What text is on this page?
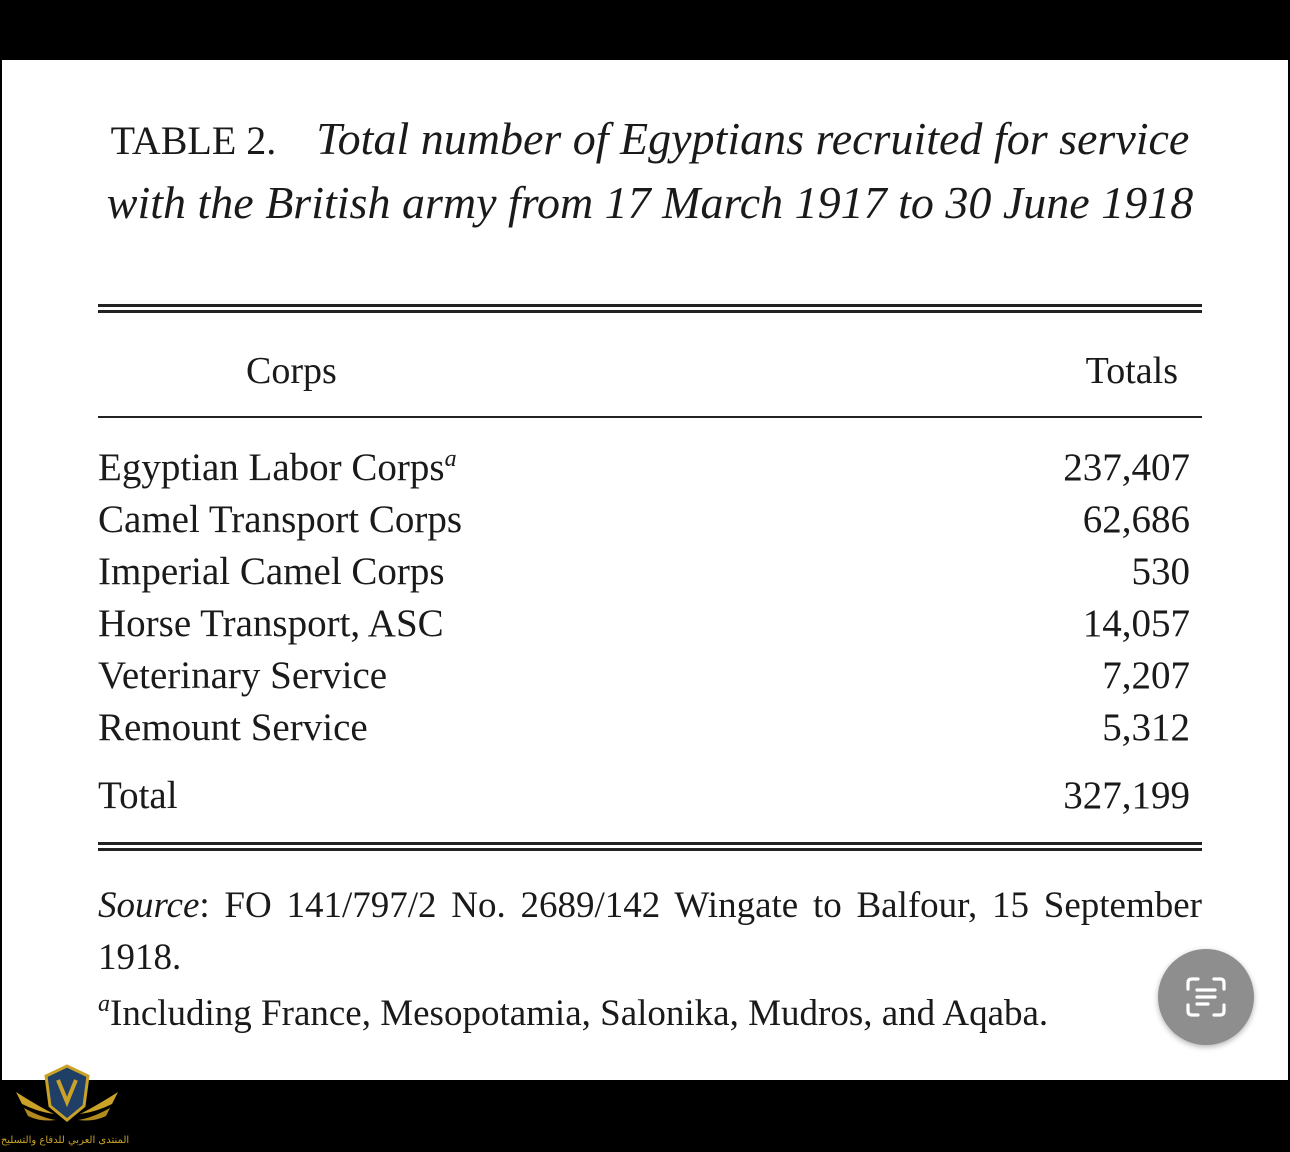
TABLE 2. Total number of Egyptians recruited for service with the British army from 17 March 1917 to 30 June 1918
Corps	Totals
Egyptian Labor Corps$^a$	237,407
Camel Transport Corps	62,686
Imperial Camel Corps	530
Horse Transport, ASC	14,057
Veterinary Service	7,207
Remount Service	5,312
Total	327,199
Source: FO 141/797/2 No. 2689/142 Wingate to Balfour, 15 September 1918.
$^a$Including France, Mesopotamia, Salonika, Mudros, and Aqaba.
المنتدى العربي للدفاع والتسليح
